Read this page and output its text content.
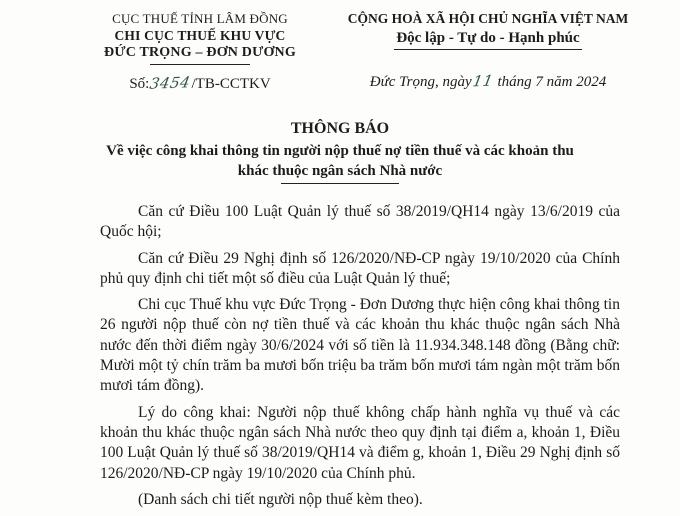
CỤC THUẾ TỈNH LÂM ĐỒNG
CHI CỤC THUẾ KHU VỰC
ĐỨC TRỌNG – ĐƠN DƯƠNG
Số:3454/TB-CCTKV
CỘNG HOÀ XÃ HỘI CHỦ NGHĨA VIỆT NAM
Độc lập - Tự do - Hạnh phúc
Đức Trọng, ngày11 tháng 7 năm 2024
THÔNG BÁO
Về việc công khai thông tin người nộp thuế nợ tiền thuế và các khoản thu
khác thuộc ngân sách Nhà nước

Căn cứ Điều 100 Luật Quản lý thuế số 38/2019/QH14 ngày 13/6/2019 của Quốc hội;

Căn cứ Điều 29 Nghị định số 126/2020/NĐ-CP ngày 19/10/2020 của Chính phủ quy định chi tiết một số điều của Luật Quản lý thuế;

Chi cục Thuế khu vực Đức Trọng - Đơn Dương thực hiện công khai thông tin 26 người nộp thuế còn nợ tiền thuế và các khoản thu khác thuộc ngân sách Nhà nước đến thời điểm ngày 30/6/2024 với số tiền là 11.934.348.148 đồng (Bằng chữ: Mười một tỷ chín trăm ba mươi bốn triệu ba trăm bốn mươi tám ngàn một trăm bốn mươi tám đồng).

Lý do công khai: Người nộp thuế không chấp hành nghĩa vụ thuế và các khoản thu khác thuộc ngân sách Nhà nước theo quy định tại điểm a, khoản 1, Điều 100 Luật Quản lý thuế số 38/2019/QH14 và điểm g, khoản 1, Điều 29 Nghị định số 126/2020/NĐ-CP ngày 19/10/2020 của Chính phủ.

(Danh sách chi tiết người nộp thuế kèm theo).
